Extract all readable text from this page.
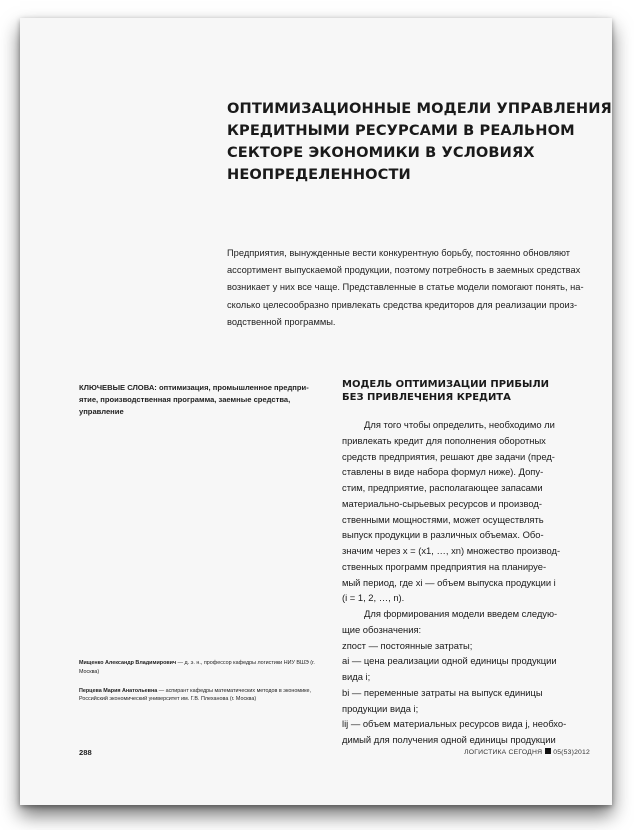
ОПТИМИЗАЦИОННЫЕ МОДЕЛИ УПРАВЛЕНИЯ
КРЕДИТНЫМИ РЕСУРСАМИ В РЕАЛЬНОМ
СЕКТОРЕ ЭКОНОМИКИ В УСЛОВИЯХ
НЕОПРЕДЕЛЕННОСТИ
Предприятия, вынужденные вести конкурентную борьбу, постоянно обновляют
ассортимент выпускаемой продукции, поэтому потребность в заемных средствах
возникает у них все чаще. Представленные в статье модели помогают понять, на-
сколько целесообразно привлекать средства кредиторов для реализации произ-
водственной программы.
КЛЮЧЕВЫЕ СЛОВА: оптимизация, промышленное предпри-ятие, производственная программа, заемные средства, управление

Мищенко Александр Владимирович — д. э. н., профессор кафедры логистики НИУ ВШЭ (г. Москва)

Перцева Мария Анатольевна — аспирант кафедры математических методов в экономике, Российский экономический университет им. Г.В. Плеханова (г. Москва)

МОДЕЛЬ ОПТИМИЗАЦИИ ПРИБЫЛИ
БЕЗ ПРИВЛЕЧЕНИЯ КРЕДИТА
Для того чтобы определить, необходимо ли
привлекать кредит для пополнения оборотных
средств предприятия, решают две задачи (пред-
ставлены в виде набора формул ниже). Допу-
стим, предприятие, располагающее запасами
материально-сырьевых ресурсов и производ-
ственными мощностями, может осуществлять
выпуск продукции в различных объемах. Обо-
значим через x = (x1, …, xn) множество производ-
ственных программ предприятия на планируе-
мый период, где xi — объем выпуска продукции i
(i = 1, 2, …, n).
Для формирования модели введем следую-
щие обозначения:
zпост — постоянные затраты;
ai — цена реализации одной единицы продукции
вида i;
bi — переменные затраты на выпуск единицы
продукции вида i;
lij — объем материальных ресурсов вида j, необхо-
димый для получения одной единицы продукции
288	ЛОГИСТИКА СЕГОДНЯ 05(53)2012
